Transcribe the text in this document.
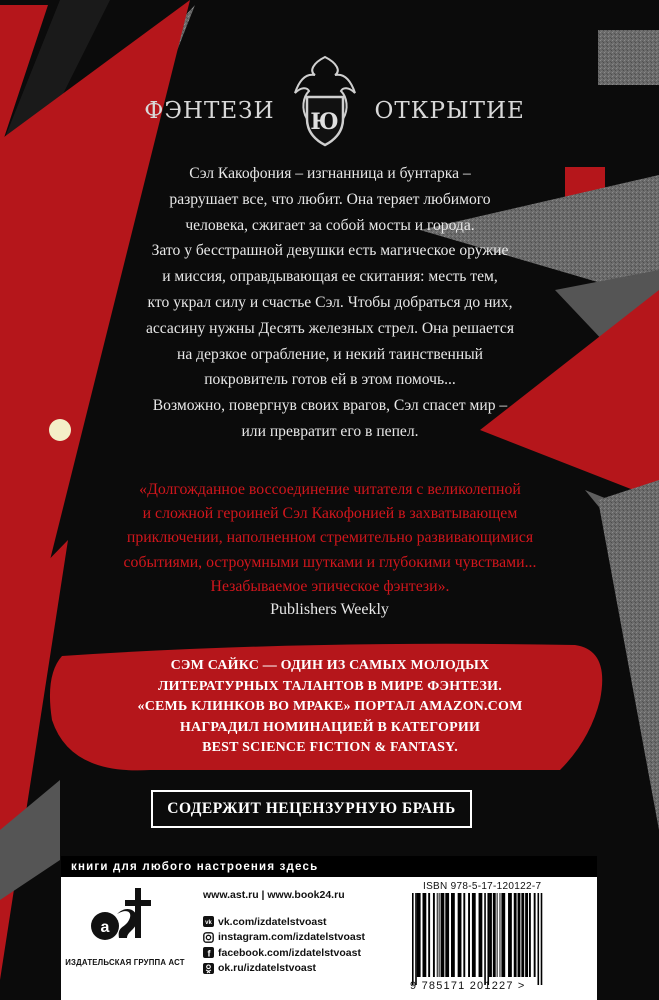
ФЭНТЕЗИ	Ю	ОТКРЫТИЕ

Сэл Какофония – изгнанница и бунтарка –

разрушает все, что любит. Она теряет любимого

человека, сжигает за собой мосты и города.

Зато у бесстрашной девушки есть магическое оружие

и миссия, оправдывающая ее скитания: месть тем,

кто украл силу и счастье Сэл. Чтобы добраться до них,

ассасину нужны Десять железных стрел. Она решается

на дерзкое ограбление, и некий таинственный

покровитель готов ей в этом помочь...

Возможно, повергнув своих врагов, Сэл спасет мир –

или превратит его в пепел.

«Долгожданное воссоединение читателя с великолепной

и сложной героиней Сэл Какофонией в захватывающем

приключении, наполненном стремительно развивающимися

событиями, остроумными шутками и глубокими чувствами...

Незабываемое эпическое фэнтези».

Publishers Weekly

СЭМ САЙКС — ОДИН ИЗ САМЫХ МОЛОДЫХ

ЛИТЕРАТУРНЫХ ТАЛАНТОВ В МИРЕ ФЭНТЕЗИ.

«СЕМЬ КЛИНКОВ ВО МРАКЕ» ПОРТАЛ AMAZON.COM

НАГРАДИЛ НОМИНАЦИЕЙ В КАТЕГОРИИ

BEST SCIENCE FICTION & FANTASY.

СОДЕРЖИТ НЕЦЕНЗУРНУЮ БРАНЬ
книги для любого настроения здесь
а
ИЗДАТЕЛЬСКАЯ ГРУППА АСТ
www.ast.ru | www.book24.ru
vk vk.com/izdatelstvoast
instagram.com/izdatelstvoast
f facebook.com/izdatelstvoast
ok.ru/izdatelstvoast
ISBN 978-5-17-120122-7
9 785171 201227 >
